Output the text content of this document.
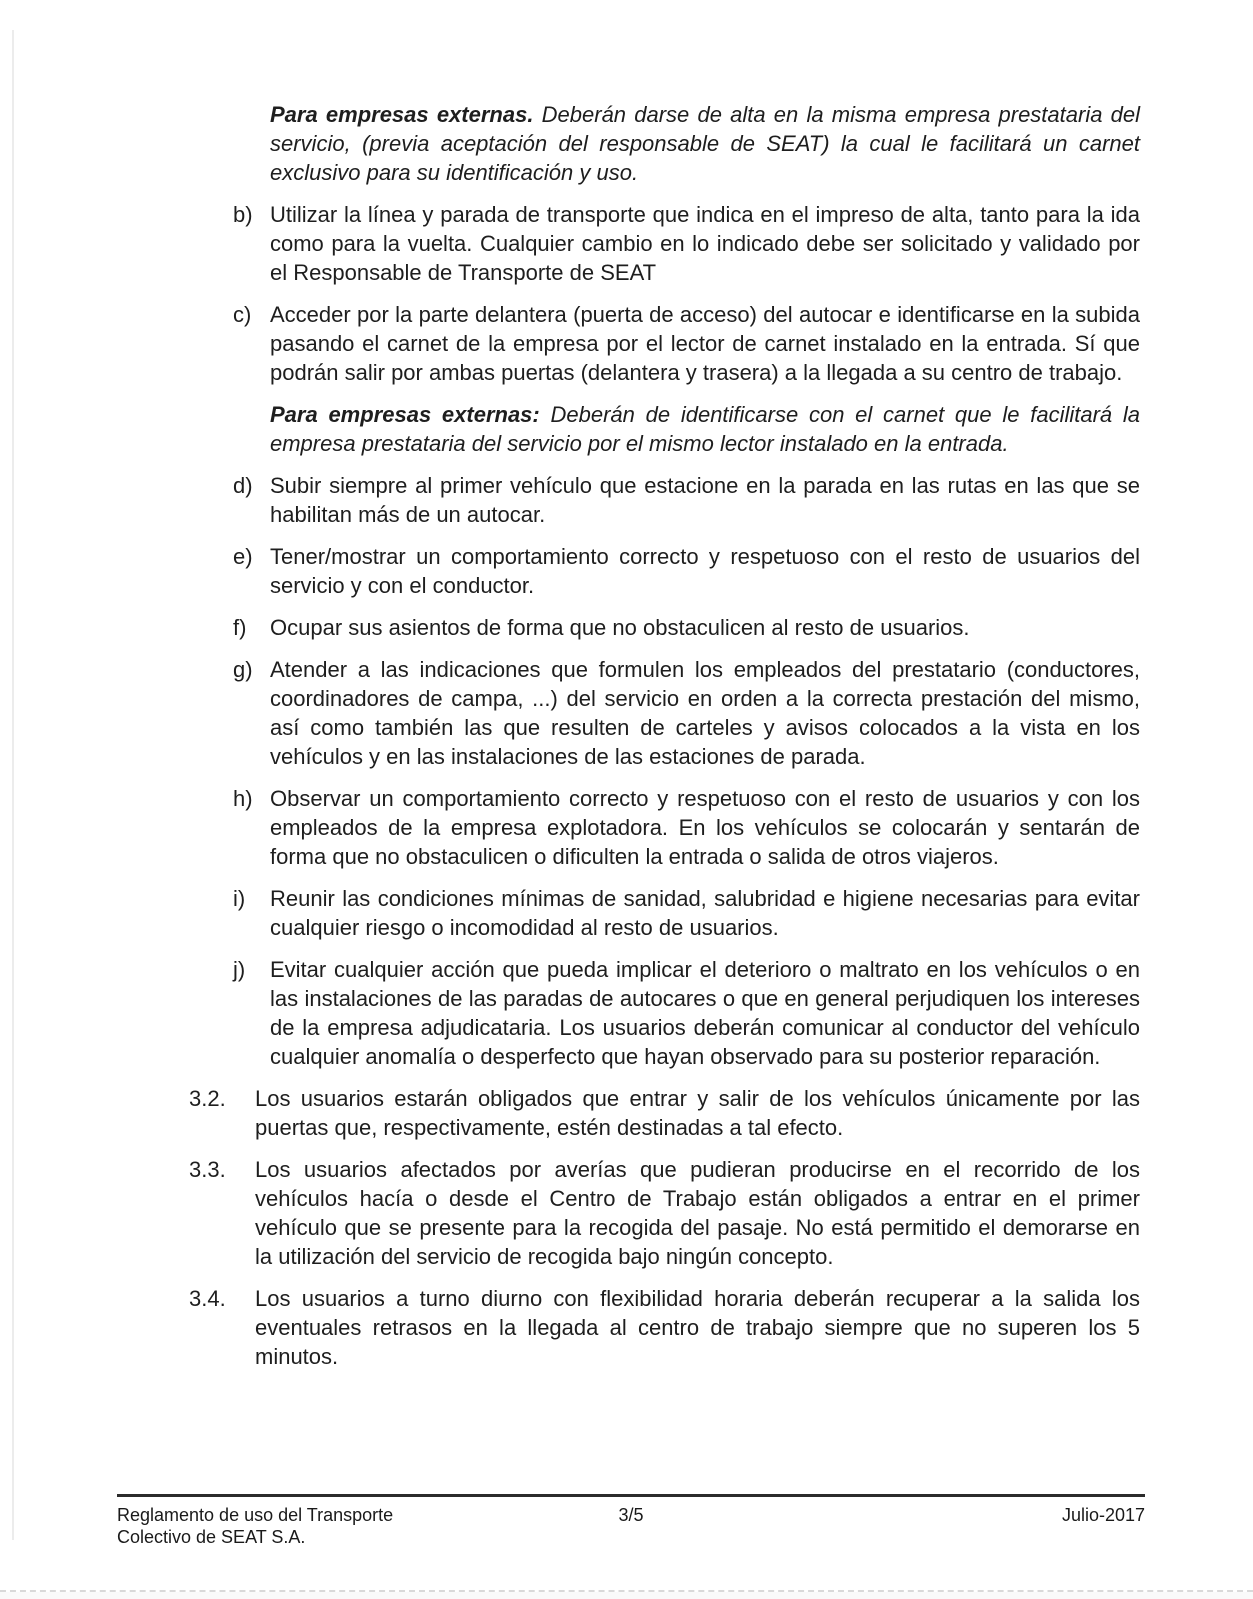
Para empresas externas. Deberán darse de alta en la misma empresa prestataria del servicio, (previa aceptación del responsable de SEAT) la cual le facilitará un carnet exclusivo para su identificación y uso.

b) Utilizar la línea y parada de transporte que indica en el impreso de alta, tanto para la ida como para la vuelta. Cualquier cambio en lo indicado debe ser solicitado y validado por el Responsable de Transporte de SEAT

c) Acceder por la parte delantera (puerta de acceso) del autocar e identificarse en la subida pasando el carnet de la empresa por el lector de carnet instalado en la entrada. Sí que podrán salir por ambas puertas (delantera y trasera) a la llegada a su centro de trabajo.

Para empresas externas: Deberán de identificarse con el carnet que le facilitará la empresa prestataria del servicio por el mismo lector instalado en la entrada.

d) Subir siempre al primer vehículo que estacione en la parada en las rutas en las que se habilitan más de un autocar.

e) Tener/mostrar un comportamiento correcto y respetuoso con el resto de usuarios del servicio y con el conductor.

f) Ocupar sus asientos de forma que no obstaculicen al resto de usuarios.

g) Atender a las indicaciones que formulen los empleados del prestatario (conductores, coordinadores de campa, ...) del servicio en orden a la correcta prestación del mismo, así como también las que resulten de carteles y avisos colocados a la vista en los vehículos y en las instalaciones de las estaciones de parada.

h) Observar un comportamiento correcto y respetuoso con el resto de usuarios y con los empleados de la empresa explotadora. En los vehículos se colocarán y sentarán de forma que no obstaculicen o dificulten la entrada o salida de otros viajeros.

i) Reunir las condiciones mínimas de sanidad, salubridad e higiene necesarias para evitar cualquier riesgo o incomodidad al resto de usuarios.

j) Evitar cualquier acción que pueda implicar el deterioro o maltrato en los vehículos o en las instalaciones de las paradas de autocares o que en general perjudiquen los intereses de la empresa adjudicataria. Los usuarios deberán comunicar al conductor del vehículo cualquier anomalía o desperfecto que hayan observado para su posterior reparación.

3.2. Los usuarios estarán obligados que entrar y salir de los vehículos únicamente por las puertas que, respectivamente, estén destinadas a tal efecto.

3.3. Los usuarios afectados por averías que pudieran producirse en el recorrido de los vehículos hacía o desde el Centro de Trabajo están obligados a entrar en el primer vehículo que se presente para la recogida del pasaje. No está permitido el demorarse en la utilización del servicio de recogida bajo ningún concepto.

3.4. Los usuarios a turno diurno con flexibilidad horaria deberán recuperar a la salida los eventuales retrasos en la llegada al centro de trabajo siempre que no superen los 5 minutos.

Reglamento de uso del Transporte Colectivo de SEAT S.A.
3/5	Julio-2017
